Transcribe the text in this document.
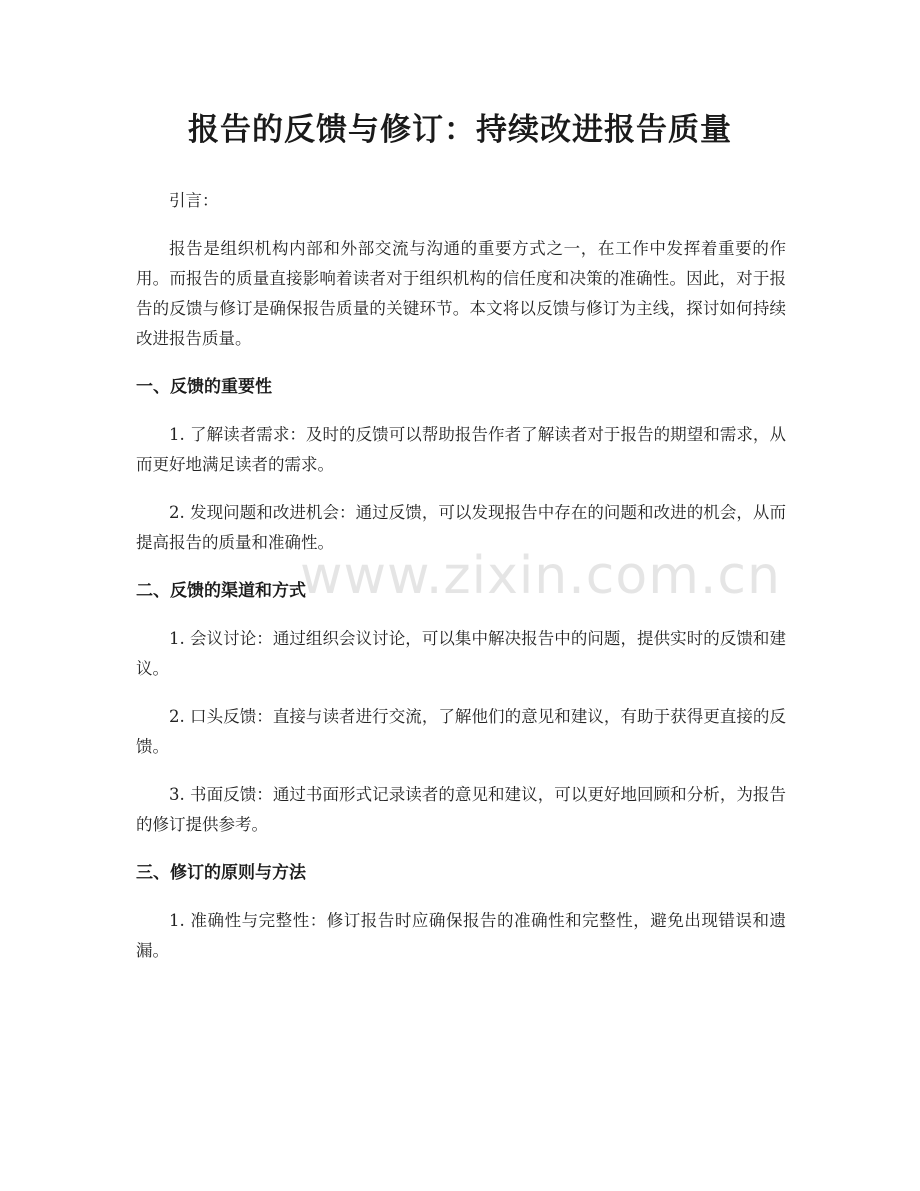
报告的反馈与修订：持续改进报告质量

引言：

报告是组织机构内部和外部交流与沟通的重要方式之一，在工作中发挥着重要的作用。而报告的质量直接影响着读者对于组织机构的信任度和决策的准确性。因此，对于报告的反馈与修订是确保报告质量的关键环节。本文将以反馈与修订为主线，探讨如何持续改进报告质量。

一、反馈的重要性

1. 了解读者需求：及时的反馈可以帮助报告作者了解读者对于报告的期望和需求，从而更好地满足读者的需求。

2. 发现问题和改进机会：通过反馈，可以发现报告中存在的问题和改进的机会，从而提高报告的质量和准确性。

二、反馈的渠道和方式

1. 会议讨论：通过组织会议讨论，可以集中解决报告中的问题，提供实时的反馈和建议。

2. 口头反馈：直接与读者进行交流，了解他们的意见和建议，有助于获得更直接的反馈。

3. 书面反馈：通过书面形式记录读者的意见和建议，可以更好地回顾和分析，为报告的修订提供参考。

三、修订的原则与方法

1. 准确性与完整性：修订报告时应确保报告的准确性和完整性，避免出现错误和遗漏。

www.zixin.com.cn
